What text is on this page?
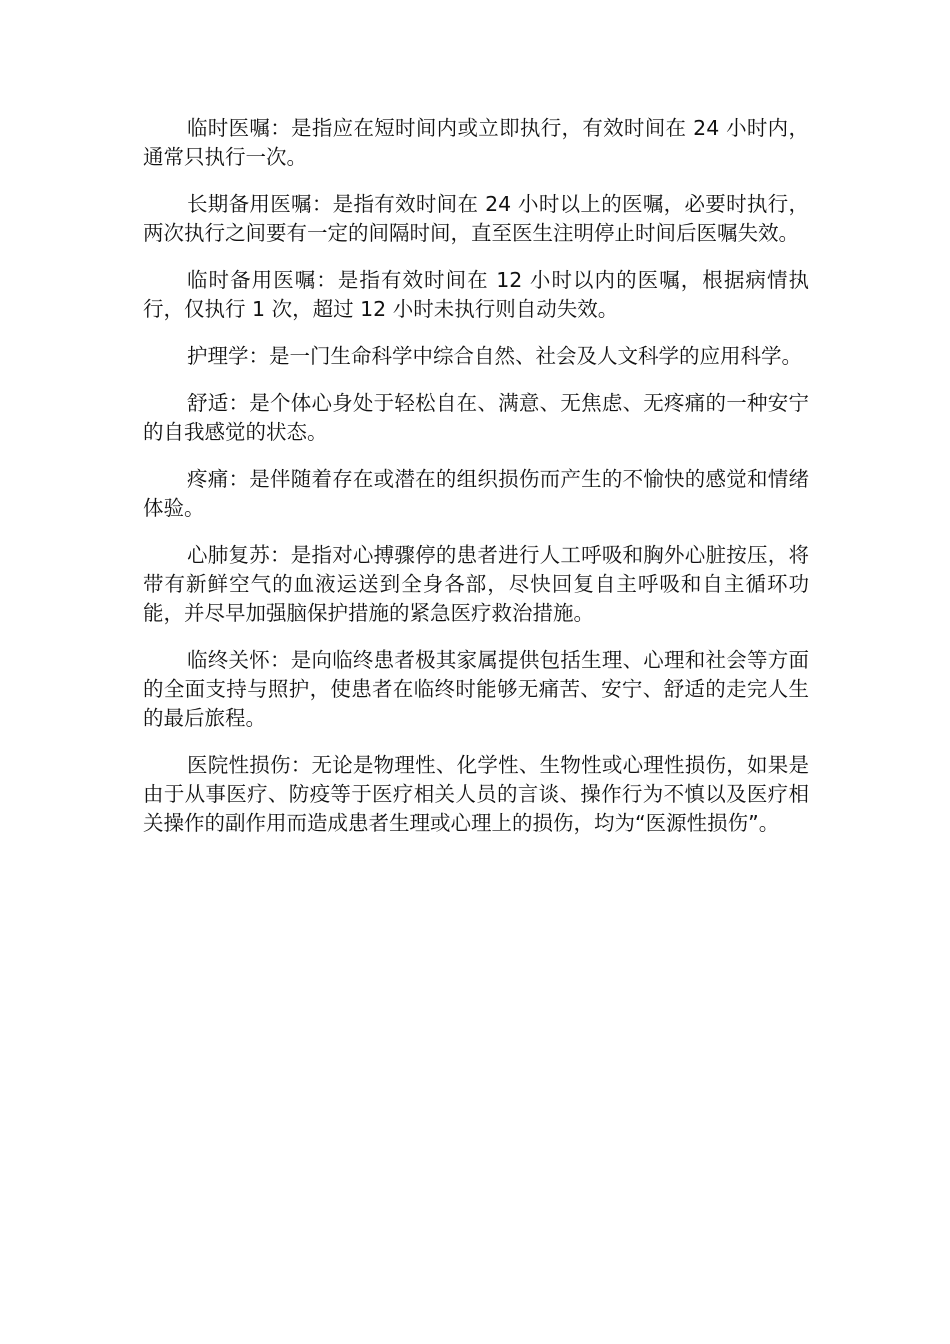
临时医嘱：是指应在短时间内或立即执行，有效时间在 24 小时内，通常只执行一次。

长期备用医嘱：是指有效时间在 24 小时以上的医嘱，必要时执行，两次执行之间要有一定的间隔时间，直至医生注明停止时间后医嘱失效。

临时备用医嘱：是指有效时间在 12 小时以内的医嘱，根据病情执行，仅执行 1 次，超过 12 小时未执行则自动失效。

护理学：是一门生命科学中综合自然、社会及人文科学的应用科学。

舒适：是个体心身处于轻松自在、满意、无焦虑、无疼痛的一种安宁的自我感觉的状态。

疼痛：是伴随着存在或潜在的组织损伤而产生的不愉快的感觉和情绪体验。

心肺复苏：是指对心搏骤停的患者进行人工呼吸和胸外心脏按压，将带有新鲜空气的血液运送到全身各部，尽快回复自主呼吸和自主循环功能，并尽早加强脑保护措施的紧急医疗救治措施。

临终关怀：是向临终患者极其家属提供包括生理、心理和社会等方面的全面支持与照护，使患者在临终时能够无痛苦、安宁、舒适的走完人生的最后旅程。

医院性损伤：无论是物理性、化学性、生物性或心理性损伤，如果是由于从事医疗、防疫等于医疗相关人员的言谈、操作行为不慎以及医疗相关操作的副作用而造成患者生理或心理上的损伤，均为“医源性损伤”。
